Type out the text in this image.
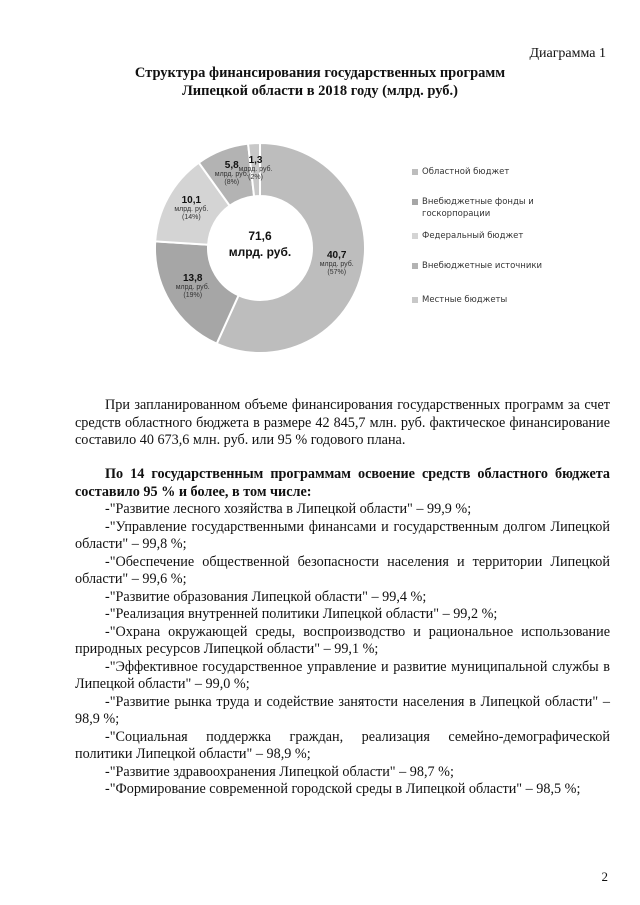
Диаграмма 1
Структура финансирования государственных программ
Липецкой области в 2018 году (млрд. руб.)
71,6
млрд. руб.
Областной бюджет
Внебюджетные фонды и
госкорпорации
Федеральный бюджет
Внебюджетные источники
Местные бюджеты
40,7
млрд. руб.
(57%)
13,8
млрд. руб.
(19%)
10,1
млрд. руб.
(14%)
5,8
млрд. руб.
(8%)
1,3
млрд. руб.
(2%)
При запланированном объеме финансирования государственных программ за счет средств областного бюджета в размере 42 845,7 млн. руб. фактическое финансирование составило 40 673,6 млн. руб. или 95 % годового плана.
По 14 государственным программам освоение средств областного бюджета составило 95 % и более, в том числе:
-"Развитие лесного хозяйства в Липецкой области" – 99,9 %;
-"Управление государственными финансами и государственным долгом Липецкой области" – 99,8 %;
-"Обеспечение общественной безопасности населения и территории Липецкой области" – 99,6 %;
-"Развитие образования Липецкой области" – 99,4 %;
-"Реализация внутренней политики Липецкой области" – 99,2 %;
-"Охрана окружающей среды, воспроизводство и рациональное использование природных ресурсов Липецкой области" – 99,1 %;
-"Эффективное государственное управление и развитие муниципальной службы в Липецкой области" – 99,0 %;
-"Развитие рынка труда и содействие занятости населения в Липецкой области" – 98,9 %;
-"Социальная поддержка граждан, реализация семейно-демографической политики Липецкой области" – 98,9 %;
-"Развитие здравоохранения Липецкой области" – 98,7 %;
-"Формирование современной городской среды в Липецкой области" – 98,5 %;
2
